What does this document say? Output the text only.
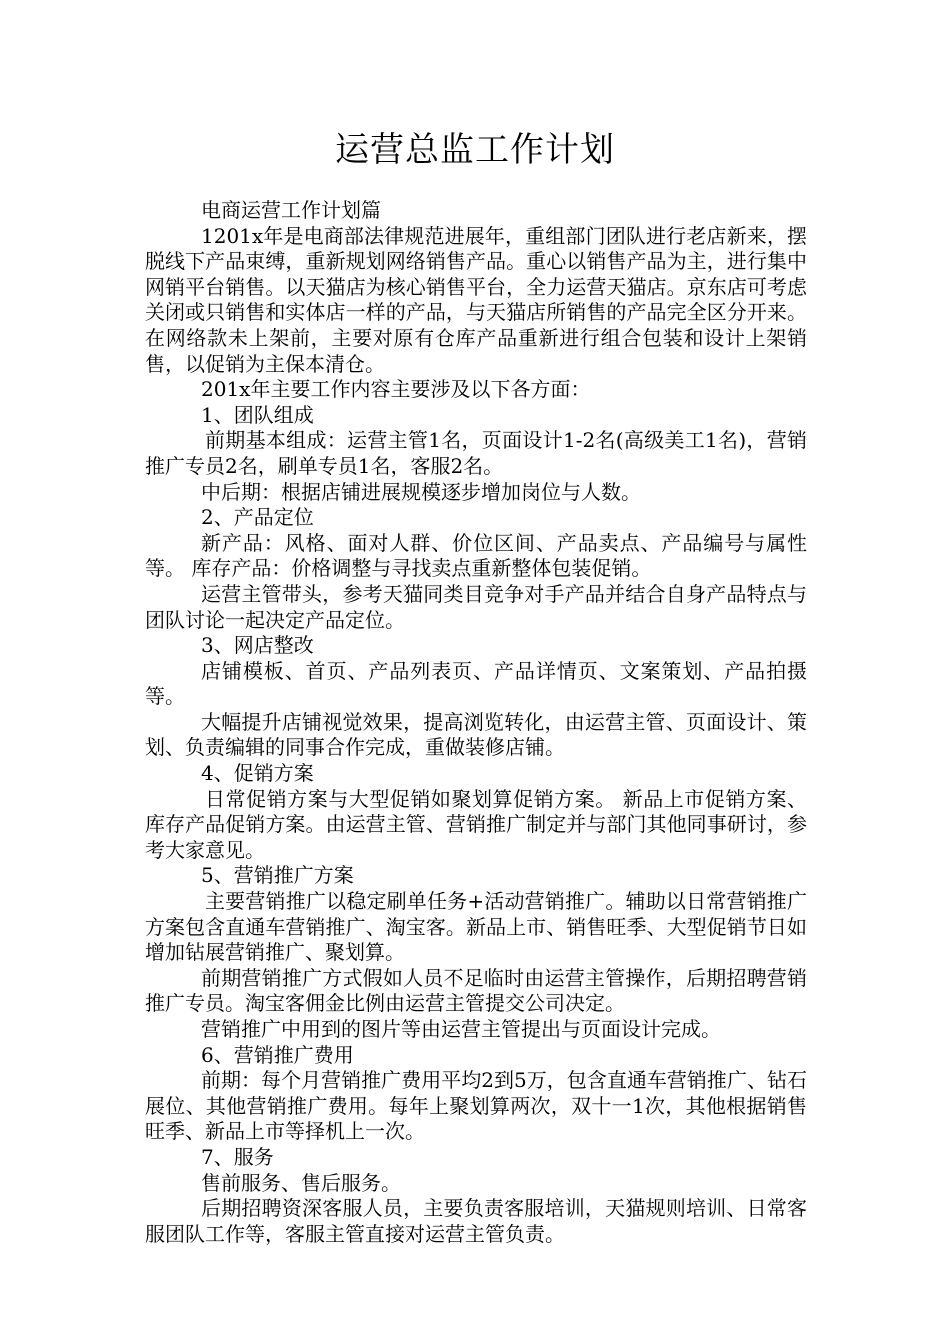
运营总监工作计划

电商运营工作计划篇

1201x年是电商部法律规范进展年，重组部门团队进行老店新来，摆脱线下产品束缚，重新规划网络销售产品。重心以销售产品为主，进行集中网销平台销售。以天猫店为核心销售平台，全力运营天猫店。京东店可考虑关闭或只销售和实体店一样的产品，与天猫店所销售的产品完全区分开来。在网络款未上架前，主要对原有仓库产品重新进行组合包装和设计上架销售，以促销为主保本清仓。

201x年主要工作内容主要涉及以下各方面：

1、团队组成

前期基本组成：运营主管1名，页面设计1-2名(高级美工1名)，营销推广专员2名，刷单专员1名，客服2名。

中后期：根据店铺进展规模逐步增加岗位与人数。

2、产品定位

新产品：风格、面对人群、价位区间、产品卖点、产品编号与属性等。 库存产品：价格调整与寻找卖点重新整体包装促销。

运营主管带头，参考天猫同类目竞争对手产品并结合自身产品特点与团队讨论一起决定产品定位。

3、网店整改

店铺模板、首页、产品列表页、产品详情页、文案策划、产品拍摄等。

大幅提升店铺视觉效果，提高浏览转化，由运营主管、页面设计、策划、负责编辑的同事合作完成，重做装修店铺。

4、促销方案

日常促销方案与大型促销如聚划算促销方案。 新品上市促销方案、库存产品促销方案。由运营主管、营销推广制定并与部门其他同事研讨，参考大家意见。

5、营销推广方案

主要营销推广以稳定刷单任务+活动营销推广。辅助以日常营销推广方案包含直通车营销推广、淘宝客。新品上市、销售旺季、大型促销节日如增加钻展营销推广、聚划算。

前期营销推广方式假如人员不足临时由运营主管操作，后期招聘营销推广专员。淘宝客佣金比例由运营主管提交公司决定。

营销推广中用到的图片等由运营主管提出与页面设计完成。

6、营销推广费用

前期：每个月营销推广费用平均2到5万，包含直通车营销推广、钻石展位、其他营销推广费用。每年上聚划算两次，双十一1次，其他根据销售旺季、新品上市等择机上一次。

7、服务

售前服务、售后服务。

后期招聘资深客服人员，主要负责客服培训，天猫规则培训、日常客服团队工作等，客服主管直接对运营主管负责。
